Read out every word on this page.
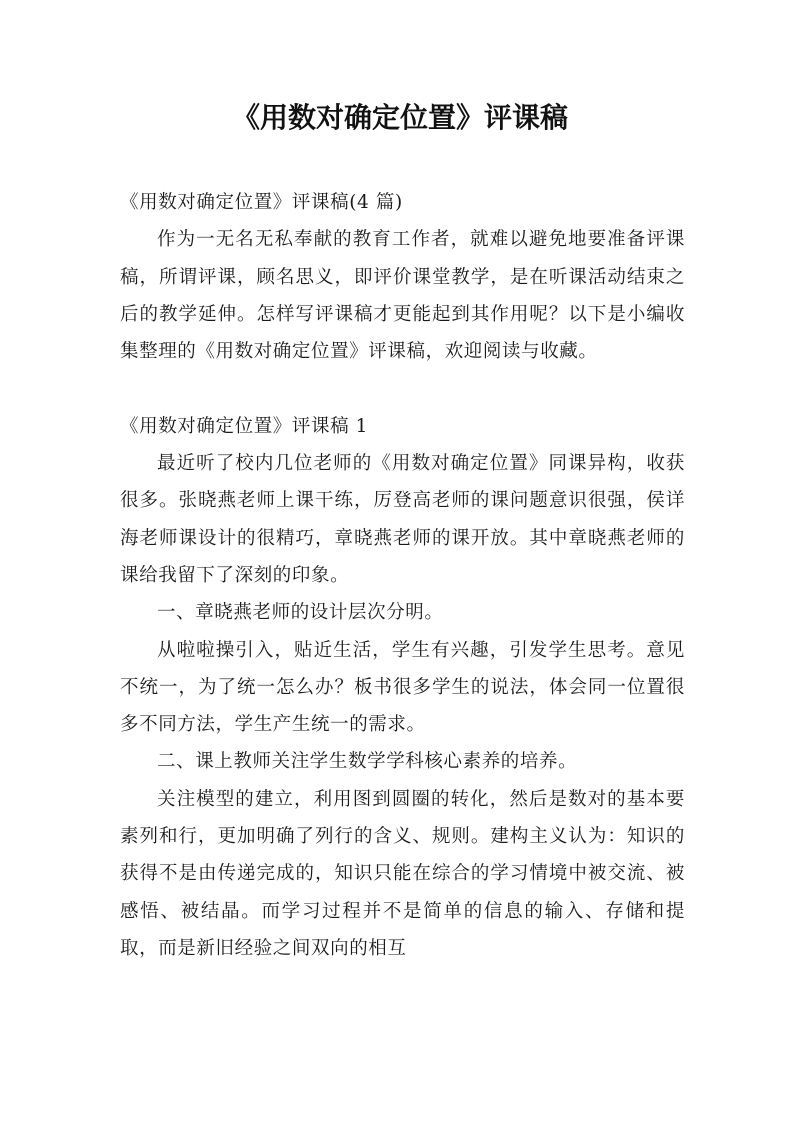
《用数对确定位置》评课稿

《用数对确定位置》评课稿(4 篇)

作为一无名无私奉献的教育工作者，就难以避免地要准备评课稿，所谓评课，顾名思义，即评价课堂教学，是在听课活动结束之后的教学延伸。怎样写评课稿才更能起到其作用呢？以下是小编收集整理的《用数对确定位置》评课稿，欢迎阅读与收藏。

《用数对确定位置》评课稿 1

最近听了校内几位老师的《用数对确定位置》同课异构，收获很多。张晓燕老师上课干练，厉登高老师的课问题意识很强，侯详海老师课设计的很精巧，章晓燕老师的课开放。其中章晓燕老师的课给我留下了深刻的印象。

一、章晓燕老师的设计层次分明。

从啦啦操引入，贴近生活，学生有兴趣，引发学生思考。意见不统一，为了统一怎么办？板书很多学生的说法，体会同一位置很多不同方法，学生产生统一的需求。

二、课上教师关注学生数学学科核心素养的培养。

关注模型的建立，利用图到圆圈的转化，然后是数对的基本要素列和行，更加明确了列行的含义、规则。建构主义认为：知识的获得不是由传递完成的，知识只能在综合的学习情境中被交流、被感悟、被结晶。而学习过程并不是简单的信息的输入、存储和提取，而是新旧经验之间双向的相互
